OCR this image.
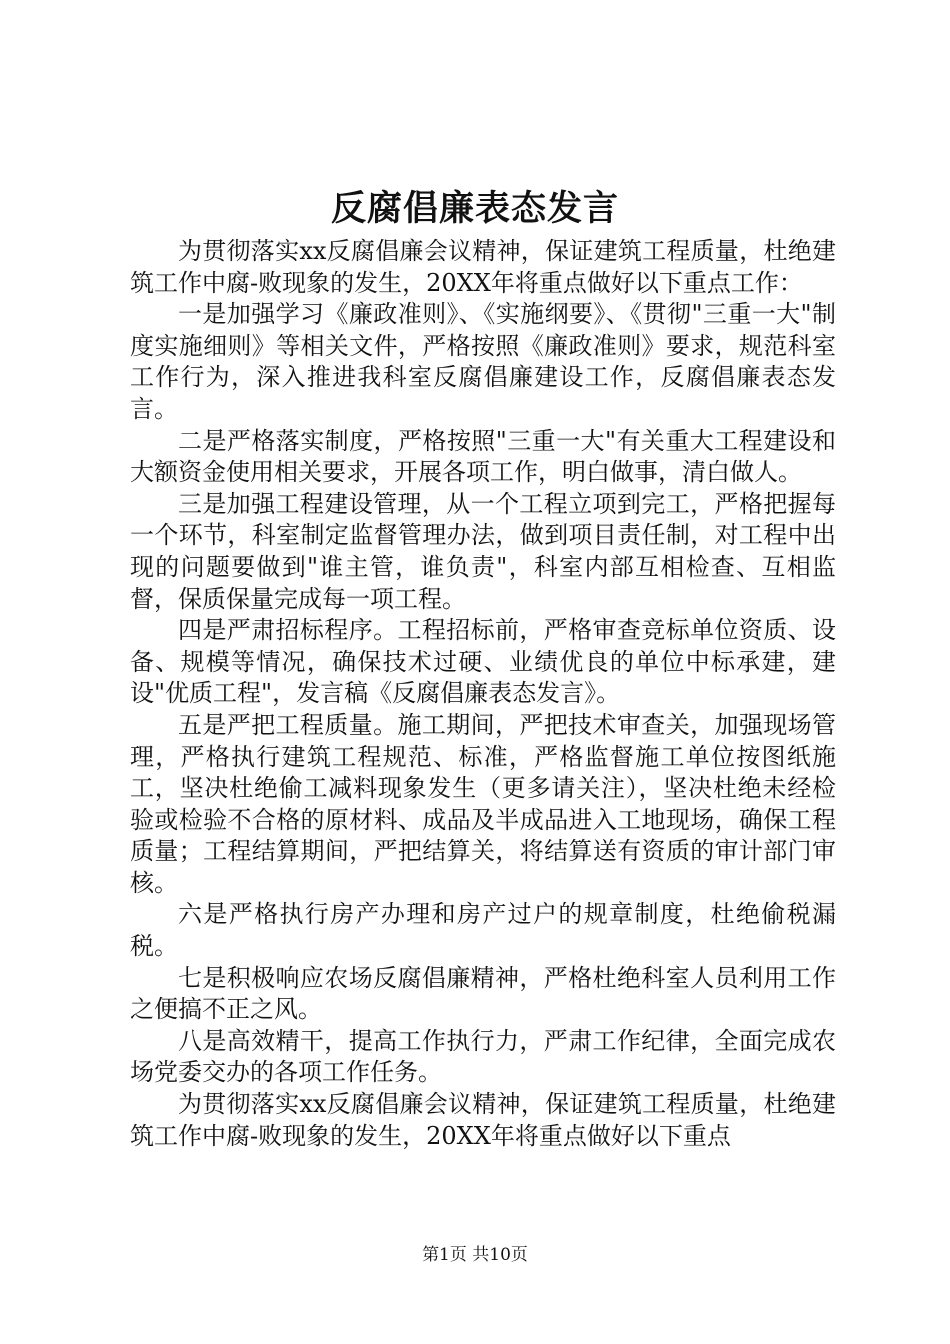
反腐倡廉表态发言

为贯彻落实xx反腐倡廉会议精神，保证建筑工程质量，杜绝建筑工作中腐-败现象的发生，20XX年将重点做好以下重点工作：

一是加强学习《廉政准则》、《实施纲要》、《贯彻"三重一大"制度实施细则》等相关文件，严格按照《廉政准则》要求，规范科室工作行为，深入推进我科室反腐倡廉建设工作，反腐倡廉表态发言。

二是严格落实制度，严格按照"三重一大"有关重大工程建设和大额资金使用相关要求，开展各项工作，明白做事，清白做人。

三是加强工程建设管理，从一个工程立项到完工，严格把握每一个环节，科室制定监督管理办法，做到项目责任制，对工程中出现的问题要做到"谁主管，谁负责"，科室内部互相检查、互相监督，保质保量完成每一项工程。

四是严肃招标程序。工程招标前，严格审查竞标单位资质、设备、规模等情况，确保技术过硬、业绩优良的单位中标承建，建设"优质工程"，发言稿《反腐倡廉表态发言》。

五是严把工程质量。施工期间，严把技术审查关，加强现场管理，严格执行建筑工程规范、标准，严格监督施工单位按图纸施工，坚决杜绝偷工减料现象发生（更多请关注），坚决杜绝未经检验或检验不合格的原材料、成品及半成品进入工地现场，确保工程质量；工程结算期间，严把结算关，将结算送有资质的审计部门审核。

六是严格执行房产办理和房产过户的规章制度，杜绝偷税漏税。

七是积极响应农场反腐倡廉精神，严格杜绝科室人员利用工作之便搞不正之风。

八是高效精干，提高工作执行力，严肃工作纪律，全面完成农场党委交办的各项工作任务。

为贯彻落实xx反腐倡廉会议精神，保证建筑工程质量，杜绝建筑工作中腐-败现象的发生，20XX年将重点做好以下重点

第1页 共10页
